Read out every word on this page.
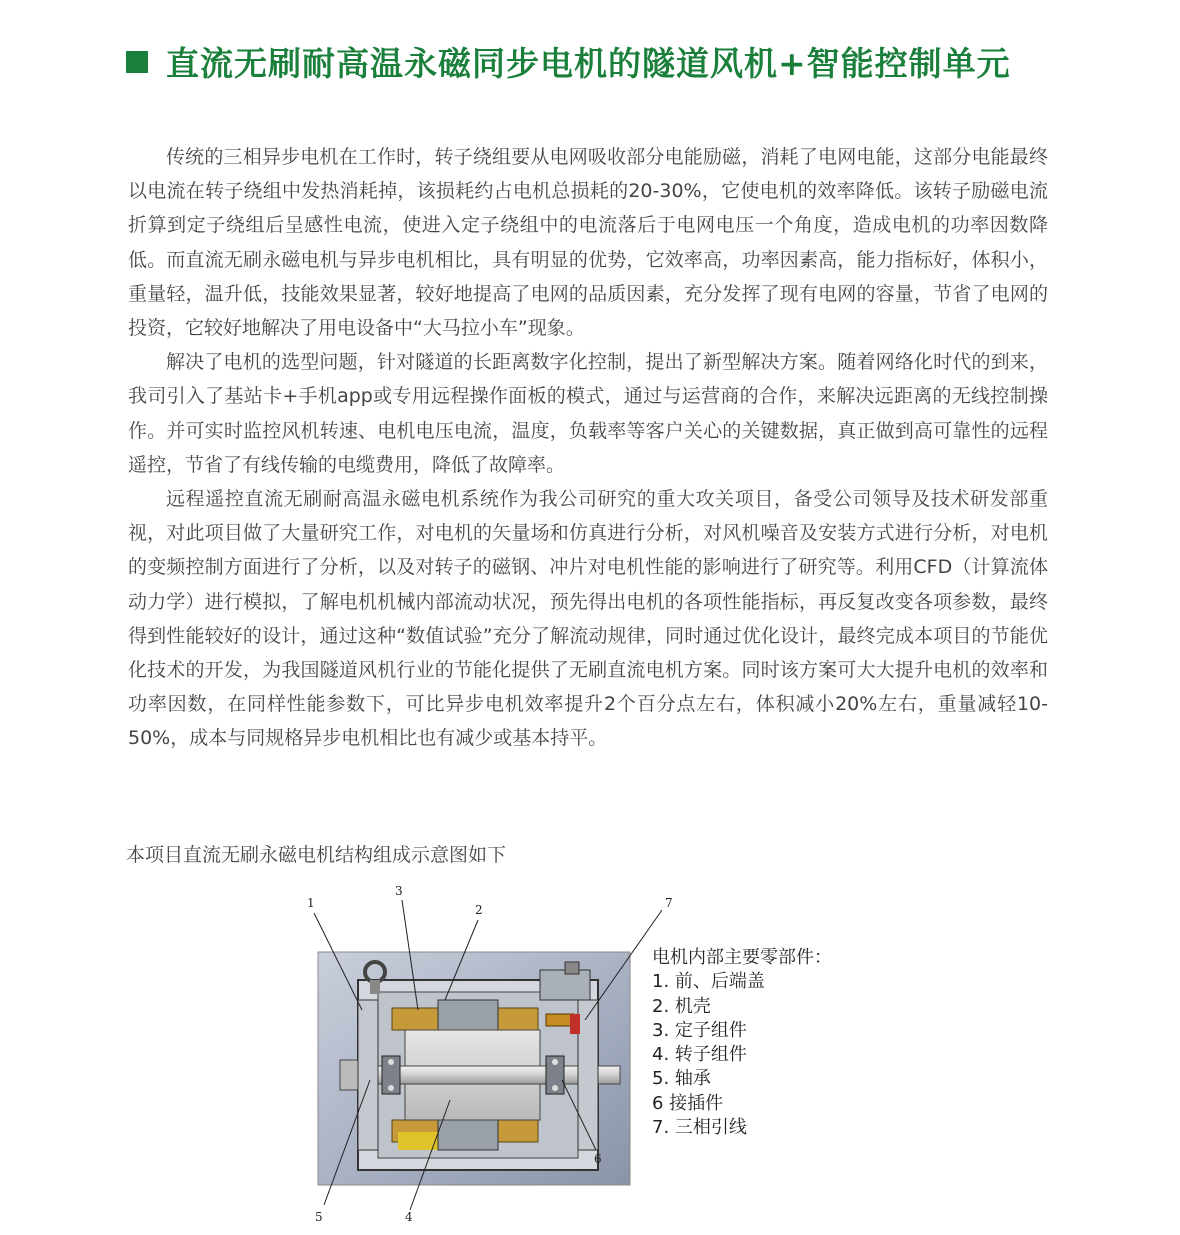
直流无刷耐高温永磁同步电机的隧道风机+智能控制单元

传统的三相异步电机在工作时，转子绕组要从电网吸收部分电能励磁，消耗了电网电能，这部分电能最终以电流在转子绕组中发热消耗掉，该损耗约占电机总损耗的20-30%，它使电机的效率降低。该转子励磁电流折算到定子绕组后呈感性电流，使进入定子绕组中的电流落后于电网电压一个角度，造成电机的功率因数降低。而直流无刷永磁电机与异步电机相比，具有明显的优势，它效率高，功率因素高，能力指标好，体积小，重量轻，温升低，技能效果显著，较好地提高了电网的品质因素，充分发挥了现有电网的容量，节省了电网的投资，它较好地解决了用电设备中“大马拉小车”现象。

解决了电机的选型问题，针对隧道的长距离数字化控制，提出了新型解决方案。随着网络化时代的到来，我司引入了基站卡+手机app或专用远程操作面板的模式，通过与运营商的合作，来解决远距离的无线控制操作。并可实时监控风机转速、电机电压电流，温度，负载率等客户关心的关键数据，真正做到高可靠性的远程遥控，节省了有线传输的电缆费用，降低了故障率。

远程遥控直流无刷耐高温永磁电机系统作为我公司研究的重大攻关项目，备受公司领导及技术研发部重视，对此项目做了大量研究工作，对电机的矢量场和仿真进行分析，对风机噪音及安装方式进行分析，对电机的变频控制方面进行了分析，以及对转子的磁钢、冲片对电机性能的影响进行了研究等。利用CFD（计算流体动力学）进行模拟，了解电机机械内部流动状况，预先得出电机的各项性能指标，再反复改变各项参数，最终得到性能较好的设计，通过这种“数值试验”充分了解流动规律，同时通过优化设计，最终完成本项目的节能优化技术的开发，为我国隧道风机行业的节能化提供了无刷直流电机方案。同时该方案可大大提升电机的效率和功率因数，在同样性能参数下，可比异步电机效率提升2个百分点左右，体积减小20%左右，重量减轻10-50%，成本与同规格异步电机相比也有减少或基本持平。

本项目直流无刷永磁电机结构组成示意图如下
1
3
2	7
5	4
6
电机内部主要零部件：
1. 前、后端盖
2. 机壳
3. 定子组件
4. 转子组件
5. 轴承
6 接插件
7. 三相引线
